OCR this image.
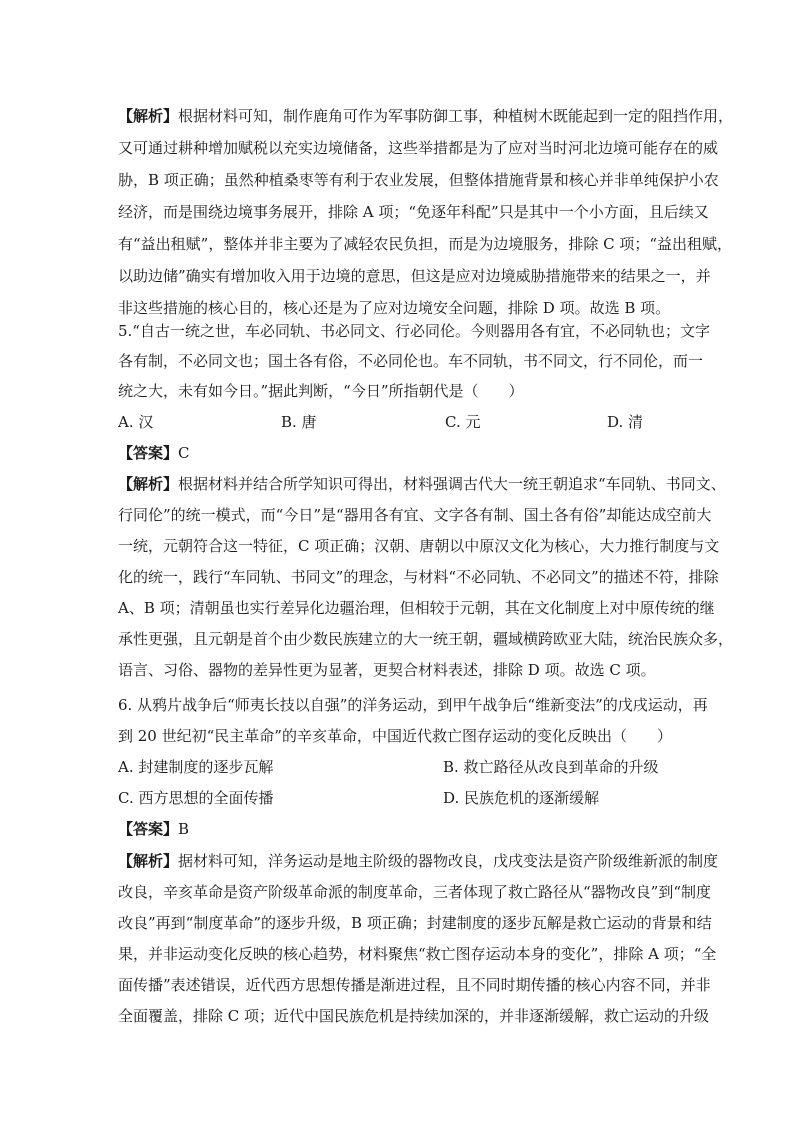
【解析】根据材料可知，制作鹿角可作为军事防御工事，种植树木既能起到一定的阻挡作用，
又可通过耕种增加赋税以充实边境储备，这些举措都是为了应对当时河北边境可能存在的威
胁，B 项正确；虽然种植桑枣等有利于农业发展，但整体措施背景和核心并非单纯保护小农
经济，而是围绕边境事务展开，排除 A 项；“免逐年科配”只是其中一个小方面，且后续又
有“益出租赋”，整体并非主要为了减轻农民负担，而是为边境服务，排除 C 项；“益出租赋，
以助边储”确实有增加收入用于边境的意思，但这是应对边境威胁措施带来的结果之一，并
非这些措施的核心目的，核心还是为了应对边境安全问题，排除 D 项。故选 B 项。
5.“自古一统之世，车必同轨、书必同文、行必同伦。今则器用各有宜，不必同轨也；文字
各有制，不必同文也；国土各有俗，不必同伦也。车不同轨，书不同文，行不同伦，而一
统之大，未有如今日。”据此判断，“今日”所指朝代是（　　）
A. 汉	B. 唐	C. 元	D. 清
【答案】C
【解析】根据材料并结合所学知识可得出，材料强调古代大一统王朝追求“车同轨、书同文、
行同伦”的统一模式，而“今日”是“器用各有宜、文字各有制、国土各有俗”却能达成空前大
一统，元朝符合这一特征，C 项正确；汉朝、唐朝以中原汉文化为核心，大力推行制度与文
化的统一，践行“车同轨、书同文”的理念，与材料“不必同轨、不必同文”的描述不符，排除
A、B 项；清朝虽也实行差异化边疆治理，但相较于元朝，其在文化制度上对中原传统的继
承性更强，且元朝是首个由少数民族建立的大一统王朝，疆域横跨欧亚大陆，统治民族众多，
语言、习俗、器物的差异性更为显著，更契合材料表述，排除 D 项。故选 C 项。
6. 从鸦片战争后“师夷长技以自强”的洋务运动，到甲午战争后“维新变法”的戊戌运动，再
到 20 世纪初“民主革命”的辛亥革命，中国近代救亡图存运动的变化反映出（　　）
A. 封建制度的逐步瓦解	B. 救亡路径从改良到革命的升级
C. 西方思想的全面传播	D. 民族危机的逐渐缓解
【答案】B
【解析】据材料可知，洋务运动是地主阶级的器物改良，戊戌变法是资产阶级维新派的制度
改良，辛亥革命是资产阶级革命派的制度革命，三者体现了救亡路径从“器物改良”到“制度
改良”再到“制度革命”的逐步升级，B 项正确；封建制度的逐步瓦解是救亡运动的背景和结
果，并非运动变化反映的核心趋势，材料聚焦“救亡图存运动本身的变化”，排除 A 项；“全
面传播”表述错误，近代西方思想传播是渐进过程，且不同时期传播的核心内容不同，并非
全面覆盖，排除 C 项；近代中国民族危机是持续加深的，并非逐渐缓解，救亡运动的升级
